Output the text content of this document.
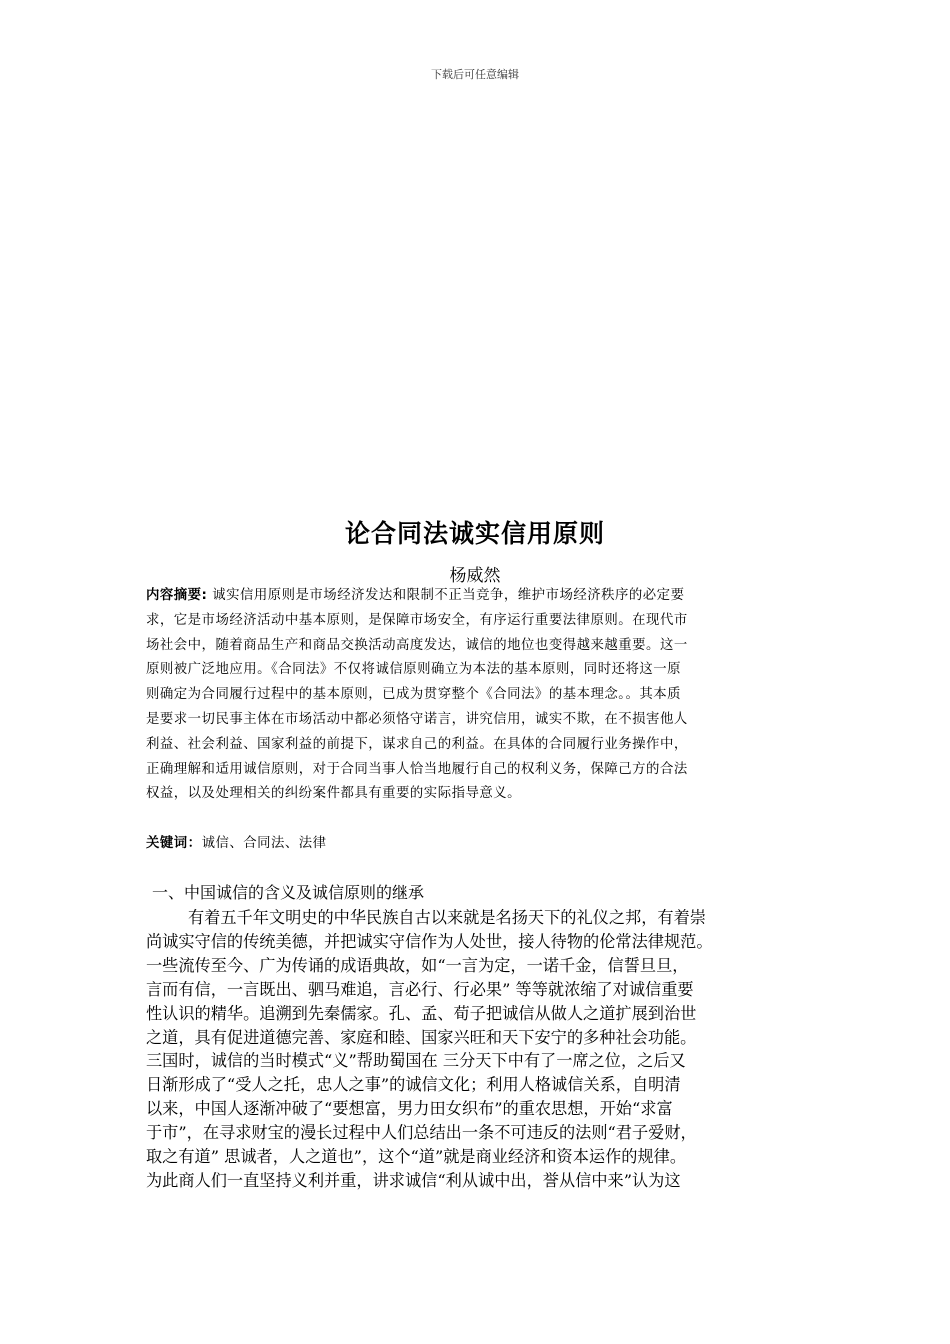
下载后可任意编辑
论合同法诚实信用原则
杨威然
内容摘要: 诚实信用原则是市场经济发达和限制不正当竞争，维护市场经济秩序的必定要
求，它是市场经济活动中基本原则，是保障市场安全，有序运行重要法律原则。在现代市
场社会中，随着商品生产和商品交换活动高度发达，诚信的地位也变得越来越重要。这一
原则被广泛地应用。《合同法》不仅将诚信原则确立为本法的基本原则，同时还将这一原
则确定为合同履行过程中的基本原则，已成为贯穿整个《合同法》的基本理念。。其本质
是要求一切民事主体在市场活动中都必须恪守诺言，讲究信用，诚实不欺，在不损害他人
利益、社会利益、国家利益的前提下，谋求自己的利益。在具体的合同履行业务操作中，
正确理解和适用诚信原则，对于合同当事人恰当地履行自己的权利义务，保障己方的合法
权益，以及处理相关的纠纷案件都具有重要的实际指导意义。
关键词：诚信、合同法、法律
一、中国诚信的含义及诚信原则的继承
有着五千年文明史的中华民族自古以来就是名扬天下的礼仪之邦，有着崇
尚诚实守信的传统美德，并把诚实守信作为人处世，接人待物的伦常法律规范。
一些流传至今、广为传诵的成语典故，如“一言为定，一诺千金，信誓旦旦，
言而有信，一言既出、驷马难追，言必行、行必果” 等等就浓缩了对诚信重要
性认识的精华。追溯到先秦儒家。孔、孟、荀子把诚信从做人之道扩展到治世
之道，具有促进道德完善、家庭和睦、国家兴旺和天下安宁的多种社会功能。
三国时，诚信的当时模式“义”帮助蜀国在 三分天下中有了一席之位，之后又
日渐形成了“受人之托，忠人之事”的诚信文化；利用人格诚信关系，自明清
以来，中国人逐渐冲破了“要想富，男力田女织布”的重农思想，开始“求富
于市”，在寻求财宝的漫长过程中人们总结出一条不可违反的法则“君子爱财，
取之有道” 思诚者，人之道也”，这个“道”就是商业经济和资本运作的规律。
为此商人们一直坚持义利并重，讲求诚信“利从诚中出，誉从信中来”认为这
